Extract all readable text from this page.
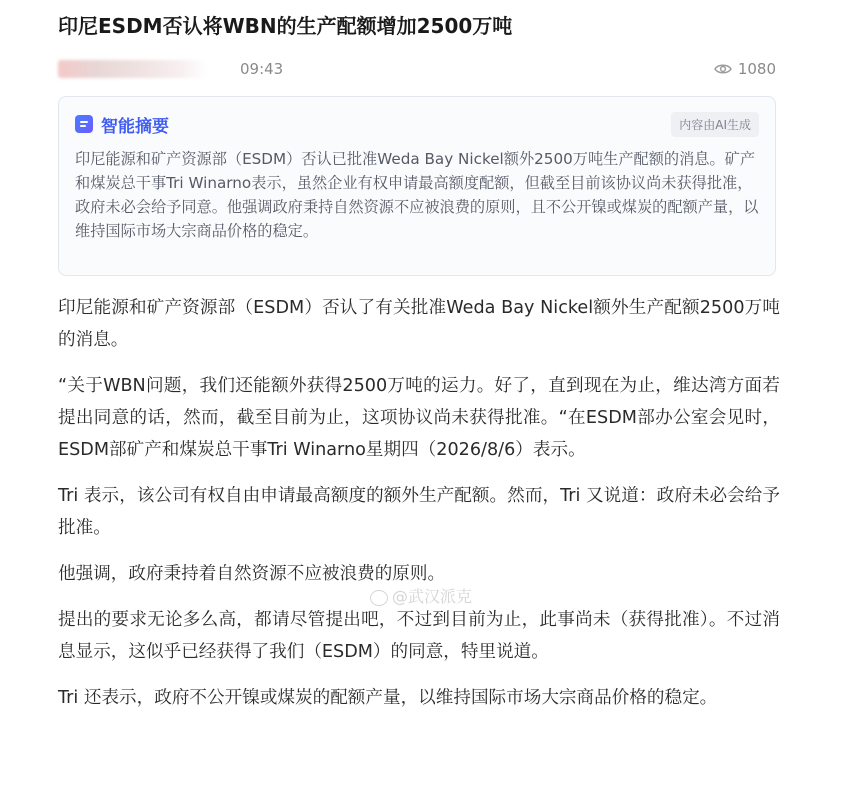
印尼ESDM否认将WBN的生产配额增加2500万吨
09:43	1080
智能摘要	内容由AI生成

印尼能源和矿产资源部（ESDM）否认已批准Weda Bay Nickel额外2500万吨生产配额的消息。矿产和煤炭总干事Tri Winarno表示，虽然企业有权申请最高额度配额，但截至目前该协议尚未获得批准，政府未必会给予同意。他强调政府秉持自然资源不应被浪费的原则，且不公开镍或煤炭的配额产量，以维持国际市场大宗商品价格的稳定。

印尼能源和矿产资源部（ESDM）否认了有关批准Weda Bay Nickel额外生产配额2500万吨的消息。

“关于WBN问题，我们还能额外获得2500万吨的运力。好了，直到现在为止，维达湾方面若提出同意的话，然而，截至目前为止，这项协议尚未获得批准。“在ESDM部办公室会见时，ESDM部矿产和煤炭总干事Tri Winarno星期四（2026/8/6）表示。

Tri 表示，该公司有权自由申请最高额度的额外生产配额。然而，Tri 又说道：政府未必会给予批准。

他强调，政府秉持着自然资源不应被浪费的原则。

提出的要求无论多么高，都请尽管提出吧，不过到目前为止，此事尚未（获得批准）。不过消息显示，这似乎已经获得了我们（ESDM）的同意，特里说道。

Tri 还表示，政府不公开镍或煤炭的配额产量，以维持国际市场大宗商品价格的稳定。

@武汉派克
